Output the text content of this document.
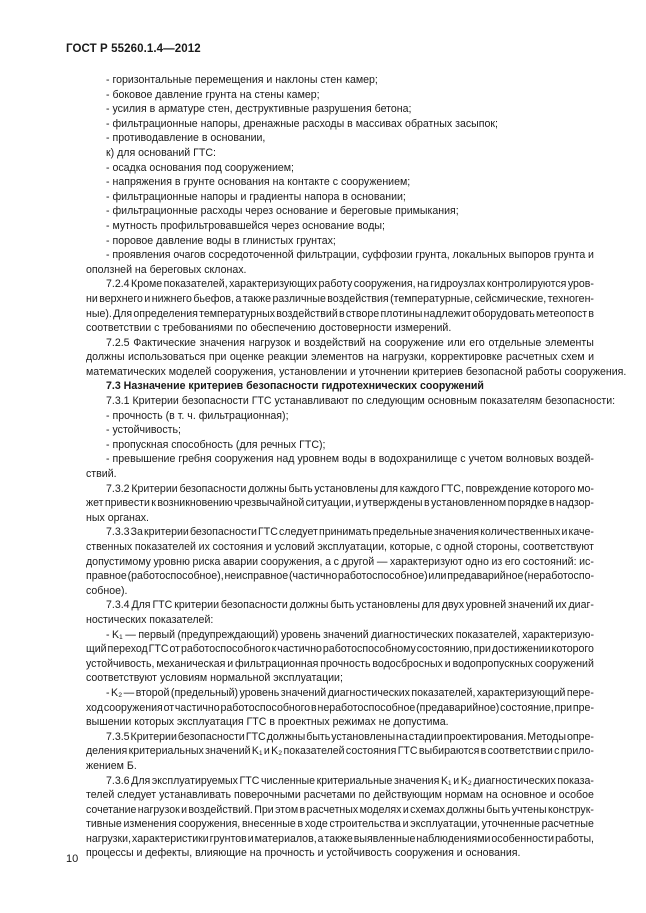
ГОСТ Р 55260.1.4—2012
- горизонтальные перемещения и наклоны стен камер;
- боковое давление грунта на стены камер;
- усилия в арматуре стен, деструктивные разрушения бетона;
- фильтрационные напоры, дренажные расходы в массивах обратных засыпок;
- противодавление в основании,
к) для оснований ГТС:
- осадка основания под сооружением;
- напряжения в грунте основания на контакте с сооружением;
- фильтрационные напоры и градиенты напора в основании;
- фильтрационные расходы через основание и береговые примыкания;
- мутность профильтровавшейся через основание воды;
- поровое давление воды в глинистых грунтах;
- проявления очагов сосредоточенной фильтрации, суффозии грунта, локальных выпоров грунта и
оползней на береговых склонах.
7.2.4 Кроме показателей, характеризующих работу сооружения, на гидроузлах контролируются уров-
ни верхнего и нижнего бьефов, а также различные воздействия (температурные, сейсмические, техноген-
ные). Для определения температурных воздействий в створе плотины надлежит оборудовать метеопост в
соответствии с требованиями по обеспечению достоверности измерений.
7.2.5 Фактические значения нагрузок и воздействий на сооружение или его отдельные элементы
должны использоваться при оценке реакции элементов на нагрузки, корректировке расчетных схем и
математических моделей сооружения, установлении и уточнении критериев безопасной работы сооружения.
7.3 Назначение критериев безопасности гидротехнических сооружений
7.3.1 Критерии безопасности ГТС устанавливают по следующим основным показателям безопасности:
- прочность (в т. ч. фильтрационная);
- устойчивость;
- пропускная способность (для речных ГТС);
- превышение гребня сооружения над уровнем воды в водохранилище с учетом волновых воздей-
ствий.
7.3.2 Критерии безопасности должны быть установлены для каждого ГТС, повреждение которого мо-
жет привести к возникновению чрезвычайной ситуации, и утверждены в установленном порядке в надзор-
ных органах.
7.3.3 За критерии безопасности ГТС следует принимать предельные значения количественных и каче-
ственных показателей их состояния и условий эксплуатации, которые, с одной стороны, соответствуют
допустимому уровню риска аварии сооружения, а с другой — характеризуют одно из его состояний: ис-
правное (работоспособное), неисправное (частично работоспособное) или предаварийное (неработоспо-
собное).
7.3.4 Для ГТС критерии безопасности должны быть установлены для двух уровней значений их диаг-
ностических показателей:
- K₁ — первый (предупреждающий) уровень значений диагностических показателей, характеризую-
щий переход ГТС от работоспособного к частично работоспособному состоянию, при достижении которого
устойчивость, механическая и фильтрационная прочность водосбросных и водопропускных сооружений
соответствуют условиям нормальной эксплуатации;
- K₂ — второй (предельный) уровень значений диагностических показателей, характеризующий пере-
ход сооружения от частично работоспособного в неработоспособное (предаварийное) состояние, при пре-
вышении которых эксплуатация ГТС в проектных режимах не допустима.
7.3.5 Критерии безопасности ГТС должны быть установлены на стадии проектирования. Методы опре-
деления критериальных значений K₁ и K₂ показателей состояния ГТС выбираются в соответствии с прило-
жением Б.
7.3.6 Для эксплуатируемых ГТС численные критериальные значения K₁ и K₂ диагностических показа-
телей следует устанавливать поверочными расчетами по действующим нормам на основное и особое
сочетание нагрузок и воздействий. При этом в расчетных моделях и схемах должны быть учтены конструк-
тивные изменения сооружения, внесенные в ходе строительства и эксплуатации, уточненные расчетные
нагрузки, характеристики грунтов и материалов, а также выявленные наблюдениями особенности работы,
процессы и дефекты, влияющие на прочность и устойчивость сооружения и основания.
10
